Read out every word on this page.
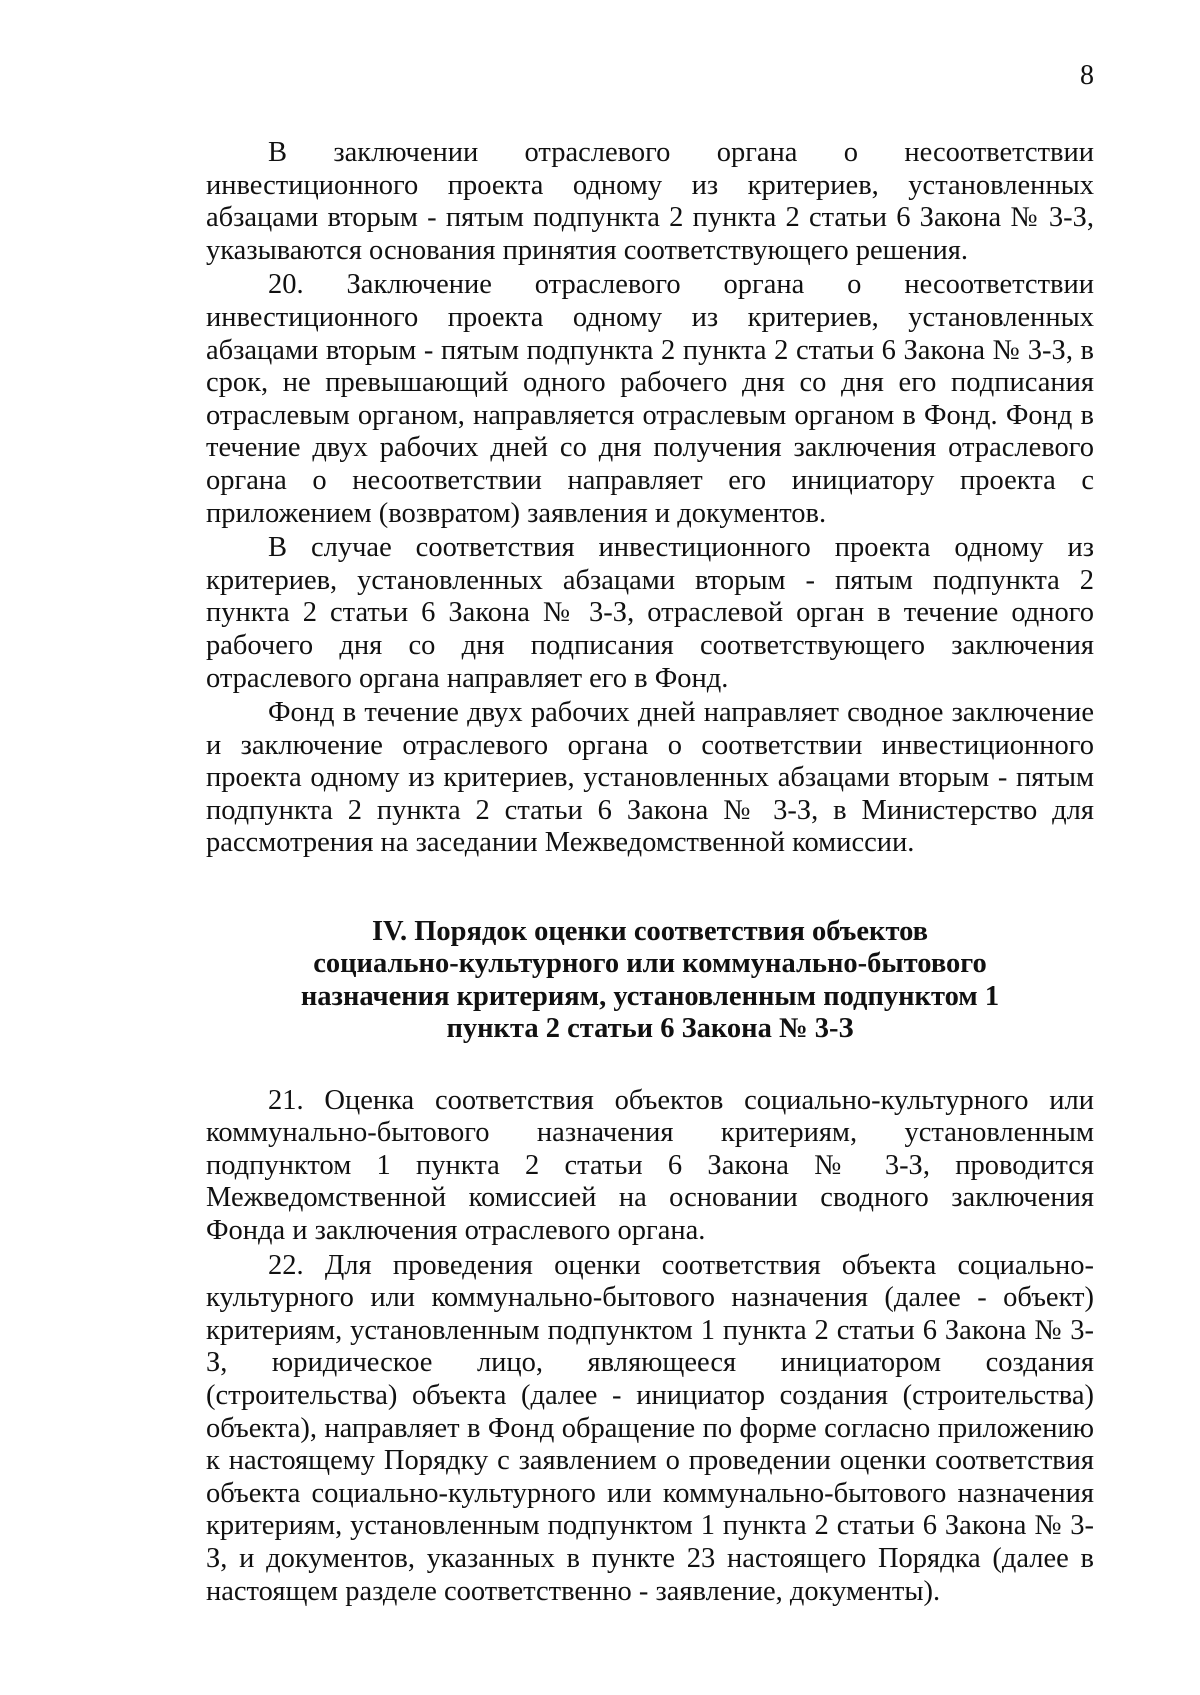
8

В заключении отраслевого органа о несоответствии инвестиционного проекта одному из критериев, установленных абзацами вторым - пятым подпункта 2 пункта 2 статьи 6 Закона № 3-З, указываются основания принятия соответствующего решения.

20. Заключение отраслевого органа о несоответствии инвестиционного проекта одному из критериев, установленных абзацами вторым - пятым подпункта 2 пункта 2 статьи 6 Закона № 3-З, в срок, не превышающий одного рабочего дня со дня его подписания отраслевым органом, направляется отраслевым органом в Фонд. Фонд в течение двух рабочих дней со дня получения заключения отраслевого органа о несоответствии направляет его инициатору проекта с приложением (возвратом) заявления и документов.

В случае соответствия инвестиционного проекта одному из критериев, установленных абзацами вторым - пятым подпункта 2 пункта 2 статьи 6 Закона № 3-З, отраслевой орган в течение одного рабочего дня со дня подписания соответствующего заключения отраслевого органа направляет его в Фонд.

Фонд в течение двух рабочих дней направляет сводное заключение и заключение отраслевого органа о соответствии инвестиционного проекта одному из критериев, установленных абзацами вторым - пятым подпункта 2 пункта 2 статьи 6 Закона № 3-З, в Министерство для рассмотрения на заседании Межведомственной комиссии.

IV. Порядок оценки соответствия объектов
социально-культурного или коммунально-бытового
назначения критериям, установленным подпунктом 1
пункта 2 статьи 6 Закона № 3-З

21. Оценка соответствия объектов социально-культурного или коммунально-бытового назначения критериям, установленным подпунктом 1 пункта 2 статьи 6 Закона № 3-З, проводится Межведомственной комиссией на основании сводного заключения Фонда и заключения отраслевого органа.

22. Для проведения оценки соответствия объекта социально-культурного или коммунально-бытового назначения (далее - объект) критериям, установленным подпунктом 1 пункта 2 статьи 6 Закона № 3-З, юридическое лицо, являющееся инициатором создания (строительства) объекта (далее - инициатор создания (строительства) объекта), направляет в Фонд обращение по форме согласно приложению к настоящему Порядку с заявлением о проведении оценки соответствия объекта социально-культурного или коммунально-бытового назначения критериям, установленным подпунктом 1 пункта 2 статьи 6 Закона № 3-З, и документов, указанных в пункте 23 настоящего Порядка (далее в настоящем разделе соответственно - заявление, документы).
